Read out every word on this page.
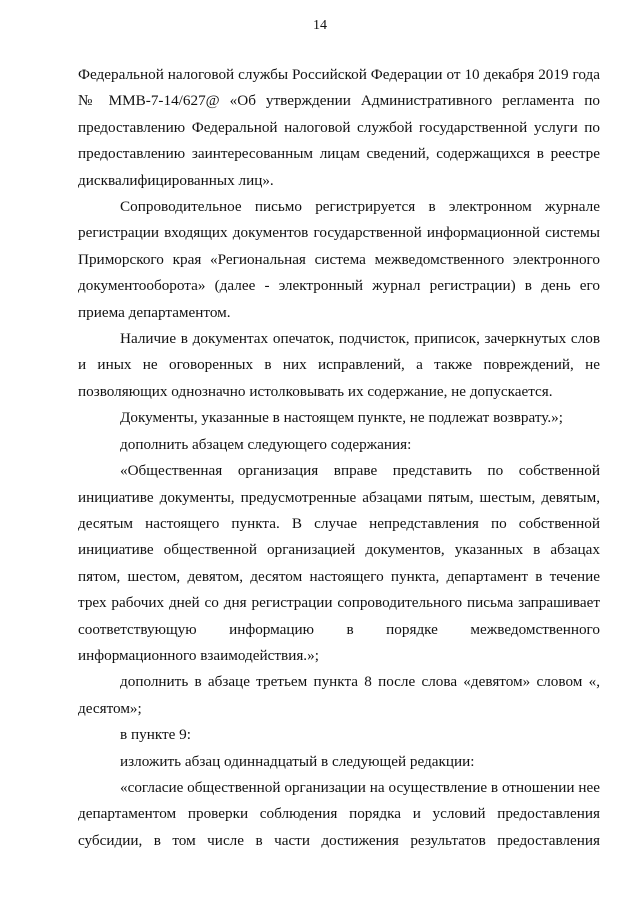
14

Федеральной налоговой службы Российской Федерации от 10 декабря 2019 года № ММВ-7-14/627@ «Об утверждении Административного регламента по предоставлению Федеральной налоговой службой государственной услуги по предоставлению заинтересованным лицам сведений, содержащихся в реестре дисквалифицированных лиц».

Сопроводительное письмо регистрируется в электронном журнале регистрации входящих документов государственной информационной системы Приморского края «Региональная система межведомственного электронного документооборота» (далее - электронный журнал регистрации) в день его приема департаментом.

Наличие в документах опечаток, подчисток, приписок, зачеркнутых слов и иных не оговоренных в них исправлений, а также повреждений, не позволяющих однозначно истолковывать их содержание, не допускается.

Документы, указанные в настоящем пункте, не подлежат возврату.»;

дополнить абзацем следующего содержания:

«Общественная организация вправе представить по собственной инициативе документы, предусмотренные абзацами пятым, шестым, девятым, десятым настоящего пункта. В случае непредставления по собственной инициативе общественной организацией документов, указанных в абзацах пятом, шестом, девятом, десятом настоящего пункта, департамент в течение трех рабочих дней со дня регистрации сопроводительного письма запрашивает соответствующую информацию в порядке межведомственного информационного взаимодействия.»;

дополнить в абзаце третьем пункта 8 после слова «девятом» словом «, десятом»;

в пункте 9:

изложить абзац одиннадцатый в следующей редакции:

«согласие общественной организации на осуществление в отношении нее департаментом проверки соблюдения порядка и условий предоставления субсидии, в том числе в части достижения результатов предоставления
